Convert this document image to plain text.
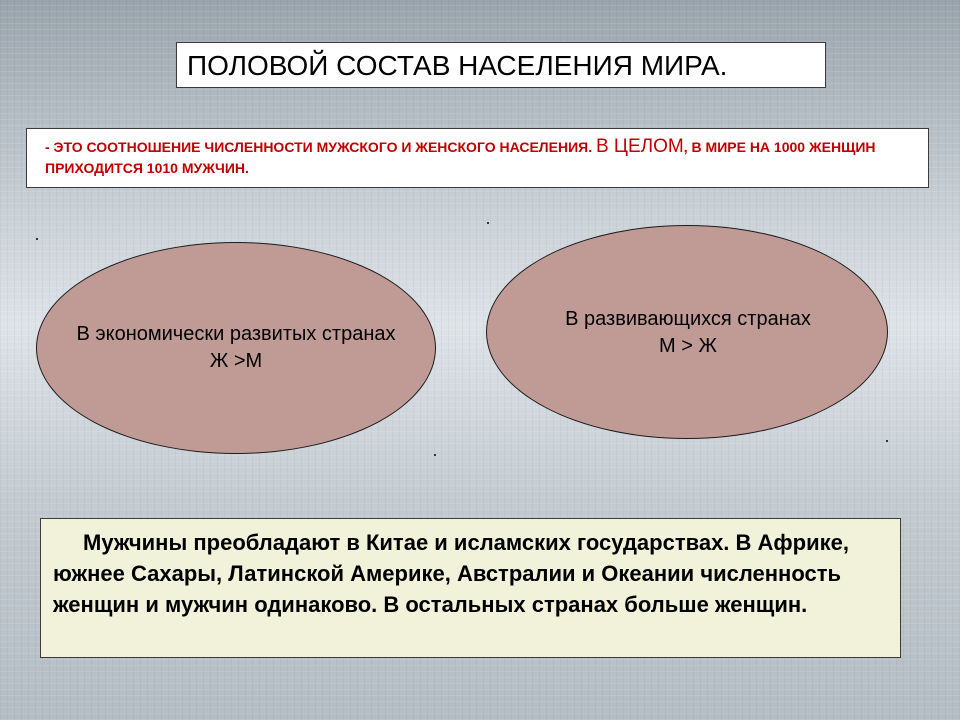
ПОЛОВОЙ СОСТАВ НАСЕЛЕНИЯ МИРА.
- ЭТО СООТНОШЕНИЕ ЧИСЛЕННОСТИ МУЖСКОГО И ЖЕНСКОГО НАСЕЛЕНИЯ. В ЦЕЛОМ, В МИРЕ НА 1000 ЖЕНЩИН ПРИХОДИТСЯ 1010 МУЖЧИН.
В экономически развитых странах
Ж >М
В развивающихся странах
М > Ж
Мужчины преобладают в Китае и исламских государствах. В Африке, южнее Сахары, Латинской Америке, Австралии и Океании численность женщин и мужчин одинаково. В остальных странах больше женщин.
